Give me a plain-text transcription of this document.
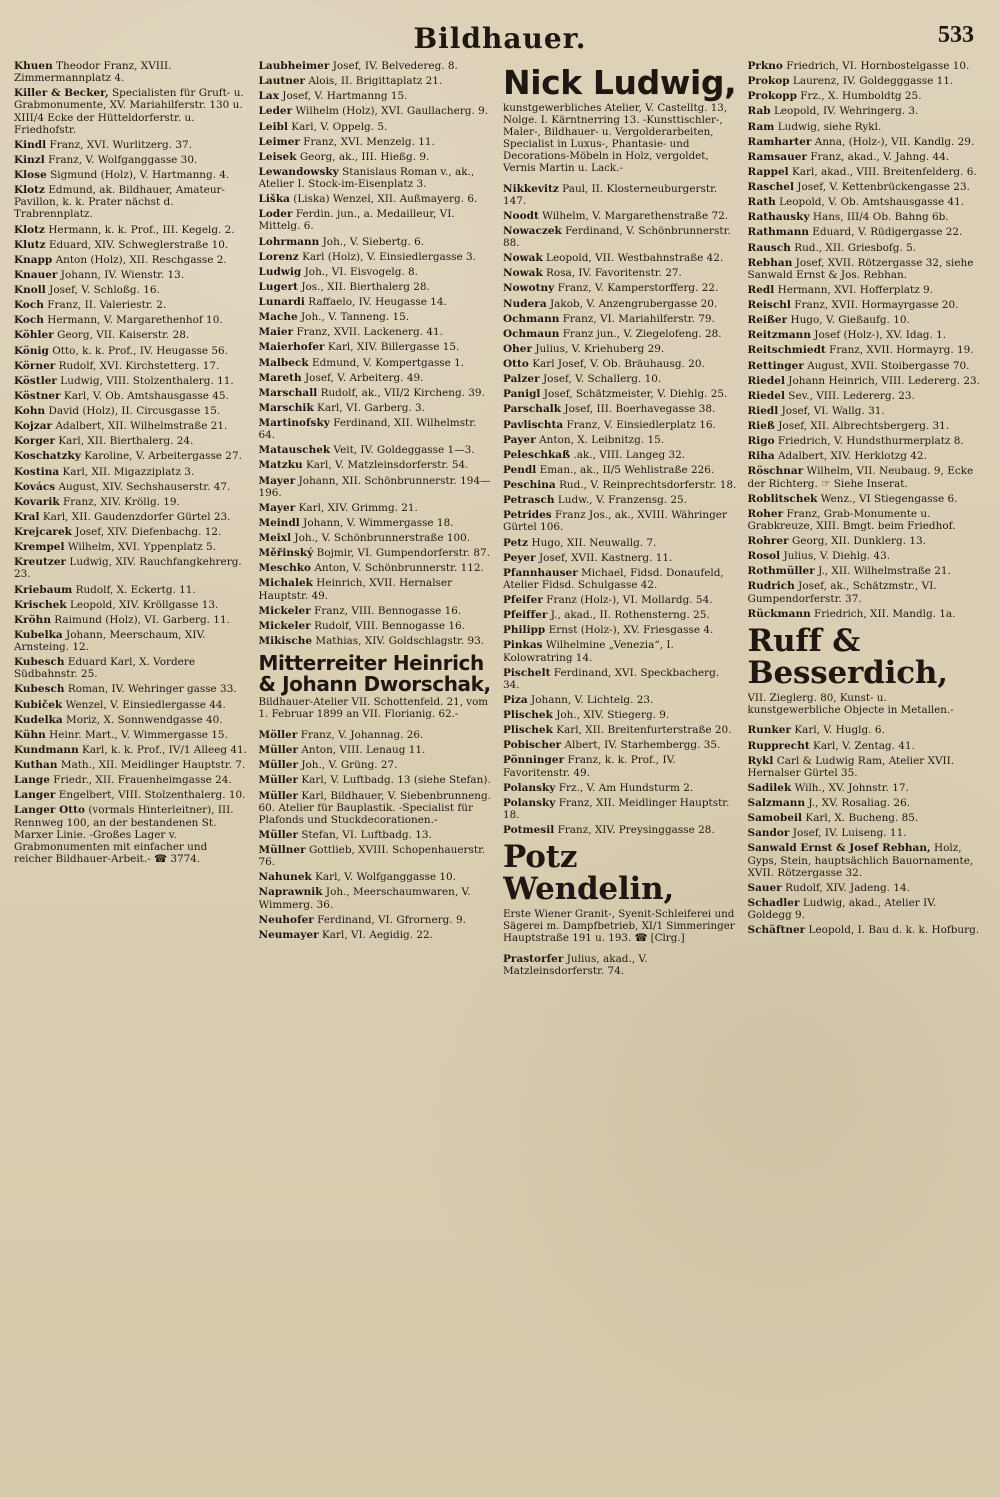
Bildhauer.	533

Khuen Theodor Franz, XVIII. Zimmermannplatz 4.

Killer & Becker, Specialisten für Gruft- u. Grabmonumente, XV. Mariahilferstr. 130 u. XIII/4 Ecke der Hütteldorferstr. u. Friedhofstr.

Kindl Franz, XVI. Wurlitzerg. 37.

Kinzl Franz, V. Wolfganggasse 30.

Klose Sigmund (Holz), V. Hartmanng. 4.

Klotz Edmund, ak. Bildhauer, Amateur-Pavillon, k. k. Prater nächst d. Trabrennplatz.

Klotz Hermann, k. k. Prof., III. Kegelg. 2.

Klutz Eduard, XIV. Schweglerstraße 10.

Knapp Anton (Holz), XII. Reschgasse 2.

Knauer Johann, IV. Wienstr. 13.

Knoll Josef, V. Schloßg. 16.

Koch Franz, II. Valeriestr. 2.

Koch Hermann, V. Margarethenhof 10.

Köhler Georg, VII. Kaiserstr. 28.

König Otto, k. k. Prof., IV. Heugasse 56.

Körner Rudolf, XVI. Kirchstetterg. 17.

Köstler Ludwig, VIII. Stolzenthalerg. 11.

Köstner Karl, V. Ob. Amtshausgasse 45.

Kohn David (Holz), II. Circusgasse 15.

Kojzar Adalbert, XII. Wilhelmstraße 21.

Korger Karl, XII. Bierthalerg. 24.

Koschatzky Karoline, V. Arbeitergasse 27.

Kostina Karl, XII. Migazziplatz 3.

Kovács August, XIV. Sechshauserstr. 47.

Kovarik Franz, XIV. Kröllg. 19.

Kral Karl, XII. Gaudenzdorfer Gürtel 23.

Krejcarek Josef, XIV. Diefenbachg. 12.

Krempel Wilhelm, XVI. Yppenplatz 5.

Kreutzer Ludwig, XIV. Rauchfangkehrerg. 23.

Kriebaum Rudolf, X. Eckertg. 11.

Krischek Leopold, XIV. Kröllgasse 13.

Kröhn Raimund (Holz), VI. Garberg. 11.

Kubelka Johann, Meerschaum, XIV. Arnsteing. 12.

Kubesch Eduard Karl, X. Vordere Südbahnstr. 25.

Kubesch Roman, IV. Wehringer gasse 33.

Kubiček Wenzel, V. Einsiedlergasse 44.

Kudelka Moriz, X. Sonnwendgasse 40.

Kühn Heinr. Mart., V. Wimmergasse 15.

Kundmann Karl, k. k. Prof., IV/1 Alleeg 41.

Kuthan Math., XII. Meidlinger Hauptstr. 7.

Lange Friedr., XII. Frauenheimgasse 24.

Langer Engelbert, VIII. Stolzenthalerg. 10.

Langer Otto (vormals Hinterleitner), III. Rennweg 100, an der bestandenen St. Marxer Linie. -Großes Lager v. Grabmonumenten mit einfacher und reicher Bildhauer-Arbeit.- ☎ 3774.

Laubheimer Josef, IV. Belvedereg. 8.

Lautner Alois, II. Brigittaplatz 21.

Lax Josef, V. Hartmanng 15.

Leder Wilhelm (Holz), XVI. Gaullacherg. 9.

Leibl Karl, V. Oppelg. 5.

Leimer Franz, XVI. Menzelg. 11.

Leisek Georg, ak., III. Hießg. 9.

Lewandowsky Stanislaus Roman v., ak., Atelier I. Stock-im-Eisenplatz 3.

Liška (Liska) Wenzel, XII. Außmayerg. 6.

Loder Ferdin. jun., a. Medailleur, VI. Mittelg. 6.

Lohrmann Joh., V. Siebertg. 6.

Lorenz Karl (Holz), V. Einsiedlergasse 3.

Ludwig Joh., VI. Eisvogelg. 8.

Lugert Jos., XII. Bierthalerg 28.

Lunardi Raffaelo, IV. Heugasse 14.

Mache Joh., V. Tanneng. 15.

Maier Franz, XVII. Lackenerg. 41.

Maierhofer Karl, XIV. Billergasse 15.

Malbeck Edmund, V. Kompertgasse 1.

Mareth Josef, V. Arbeiterg. 49.

Marschall Rudolf, ak., VII/2 Kircheng. 39.

Marschik Karl, VI. Garberg. 3.

Martinofsky Ferdinand, XII. Wilhelmstr. 64.

Matauschek Veit, IV. Goldeggasse 1—3.

Matzku Karl, V. Matzleinsdorferstr. 54.

Mayer Johann, XII. Schönbrunnerstr. 194—196.

Mayer Karl, XIV. Grimmg. 21.

Meindl Johann, V. Wimmergasse 18.

Meixl Joh., V. Schönbrunnerstraße 100.

Měřinský Bojmir, VI. Gumpendorferstr. 87.

Meschko Anton, V. Schönbrunnerstr. 112.

Michalek Heinrich, XVII. Hernalser Hauptstr. 49.

Mickeler Franz, VIII. Bennogasse 16.

Mickeler Rudolf, VIII. Bennogasse 16.

Mikische Mathias, XIV. Goldschlagstr. 93.

Mitterreiter Heinrich & Johann Dworschak,
Bildhauer-Atelier VII. Schottenfeld. 21, vom 1. Februar 1899 an VII. Florianig. 62.-

Möller Franz, V. Johannag. 26.

Müller Anton, VIII. Lenaug 11.

Müller Joh., V. Grüng. 27.

Müller Karl, V. Luftbadg. 13 (siehe Stefan).

Müller Karl, Bildhauer, V. Siebenbrunneng. 60. Atelier für Bauplastik. -Specialist für Plafonds und Stuckdecorationen.-

Müller Stefan, VI. Luftbadg. 13.

Müllner Gottlieb, XVIII. Schopenhauerstr. 76.

Nahunek Karl, V. Wolfganggasse 10.

Naprawnik Joh., Meerschaumwaren, V. Wimmerg. 36.

Neuhofer Ferdinand, VI. Gfrornerg. 9.

Neumayer Karl, VI. Aegidig. 22.

Nick Ludwig,
kunstgewerbliches Atelier, V. Castelltg. 13, Nolge. I. Kärntnerring 13. -Kunsttischler-, Maler-, Bildhauer- u. Vergolderarbeiten, Specialist in Luxus-, Phantasie- und Decorations-Möbeln in Holz, vergoldet, Vernis Martin u. Lack.-

Nikkevitz Paul, II. Klosterneuburgerstr. 147.

Noodt Wilhelm, V. Margarethenstraße 72.

Nowaczek Ferdinand, V. Schönbrunnerstr. 88.

Nowak Leopold, VII. Westbahnstraße 42.

Nowak Rosa, IV. Favoritenstr. 27.

Nowotny Franz, V. Kamperstorfferg. 22.

Nudera Jakob, V. Anzengrubergasse 20.

Ochmann Franz, VI. Mariahilferstr. 79.

Ochmaun Franz jun., V. Ziegelofeng. 28.

Oher Julius, V. Kriehuberg 29.

Otto Karl Josef, V. Ob. Bräuhausg. 20.

Palzer Josef, V. Schallerg. 10.

Panigl Josef, Schätzmeister, V. Diehlg. 25.

Parschalk Josef, III. Boerhavegasse 38.

Pavlischta Franz, V. Einsiedlerplatz 16.

Payer Anton, X. Leibnitzg. 15.

Peleschkaß .ak., VIII. Langeg 32.

Pendl Eman., ak., II/5 Wehlistraße 226.

Peschina Rud., V. Reinprechtsdorferstr. 18.

Petrasch Ludw., V. Franzensg. 25.

Petrides Franz Jos., ak., XVIII. Währinger Gürtel 106.

Petz Hugo, XII. Neuwallg. 7.

Peyer Josef, XVII. Kastnerg. 11.

Pfannhauser Michael, Fidsd. Donaufeld, Atelier Fidsd. Schulgasse 42.

Pfeifer Franz (Holz-), VI. Mollardg. 54.

Pfeiffer J., akad., II. Rothensterng. 25.

Philipp Ernst (Holz-), XV. Friesgasse 4.

Pinkas Wilhelmine „Venezia“, I. Kolowratring 14.

Pischelt Ferdinand, XVI. Speckbacherg. 34.

Piza Johann, V. Lichtelg. 23.

Plischek Joh., XIV. Stiegerg. 9.

Plischek Karl, XII. Breitenfurterstraße 20.

Pobischer Albert, IV. Starhembergg. 35.

Pönninger Franz, k. k. Prof., IV. Favoritenstr. 49.

Polansky Frz., V. Am Hundsturm 2.

Polansky Franz, XII. Meidlinger Hauptstr. 18.

Potmesil Franz, XIV. Preysinggasse 28.

Potz Wendelin,
Erste Wiener Granit-, Syenit-Schleiferei und Sägerei m. Dampfbetrieb, XI/1 Simmeringer Hauptstraße 191 u. 193. ☎ [Clrg.]

Prastorfer Julius, akad., V. Matzleinsdorferstr. 74.

Prkno Friedrich, VI. Hornbostelgasse 10.

Prokop Laurenz, IV. Goldegggasse 11.

Prokopp Frz., X. Humboldtg 25.

Rab Leopold, IV. Wehringerg. 3.

Ram Ludwig, siehe Rykl.

Ramharter Anna, (Holz-), VII. Kandlg. 29.

Ramsauer Franz, akad., V. Jahng. 44.

Rappel Karl, akad., VIII. Breitenfelderg. 6.

Raschel Josef, V. Kettenbrückengasse 23.

Rath Leopold, V. Ob. Amtshausgasse 41.

Rathausky Hans, III/4 Ob. Bahng 6b.

Rathmann Eduard, V. Rüdigergasse 22.

Rausch Rud., XII. Griesbofg. 5.

Rebhan Josef, XVII. Rötzergasse 32, siehe Sanwald Ernst & Jos. Rebhan.

Redl Hermann, XVI. Hofferplatz 9.

Reischl Franz, XVII. Hormayrgasse 20.

Reißer Hugo, V. Gießaufg. 10.

Reitzmann Josef (Holz-), XV. Idag. 1.

Reitschmiedt Franz, XVII. Hormayrg. 19.

Rettinger August, XVII. Stoibergasse 70.

Riedel Johann Heinrich, VIII. Ledererg. 23.

Riedel Sev., VIII. Ledererg. 23.

Riedl Josef, VI. Wallg. 31.

Rieß Josef, XII. Albrechtsbergerg. 31.

Rigo Friedrich, V. Hundsthurmerplatz 8.

Riha Adalbert, XIV. Herklotzg 42.

Röschnar Wilhelm, VII. Neubaug. 9, Ecke der Richterg. ☞ Siehe Inserat.

Roblitschek Wenz., VI Stiegengasse 6.

Roher Franz, Grab-Monumente u. Grabkreuze, XIII. Bmgt. beim Friedhof.

Rohrer Georg, XII. Dunklerg. 13.

Rosol Julius, V. Diehlg. 43.

Rothmüller J., XII. Wilhelmstraße 21.

Rudrich Josef, ak., Schätzmstr., VI. Gumpendorferstr. 37.

Rückmann Friedrich, XII. Mandlg. 1a.

Ruff & Besserdich,
VII. Zieglerg. 80, Kunst- u. kunstgewerbliche Objecte in Metallen.-

Runker Karl, V. Huglg. 6.

Rupprecht Karl, V. Zentag. 41.

Rykl Carl & Ludwig Ram, Atelier XVII. Hernalser Gürtel 35.

Sadilek Wilh., XV. Johnstr. 17.

Salzmann J., XV. Rosaliag. 26.

Samobeil Karl, X. Bucheng. 85.

Sandor Josef, IV. Luiseng. 11.

Sanwald Ernst & Josef Rebhan, Holz, Gyps, Stein, hauptsächlich Bauornamente, XVII. Rötzergasse 32.

Sauer Rudolf, XIV. Jadeng. 14.

Schadler Ludwig, akad., Atelier IV. Goldegg 9.

Schäftner Leopold, I. Bau d. k. k. Hofburg.
